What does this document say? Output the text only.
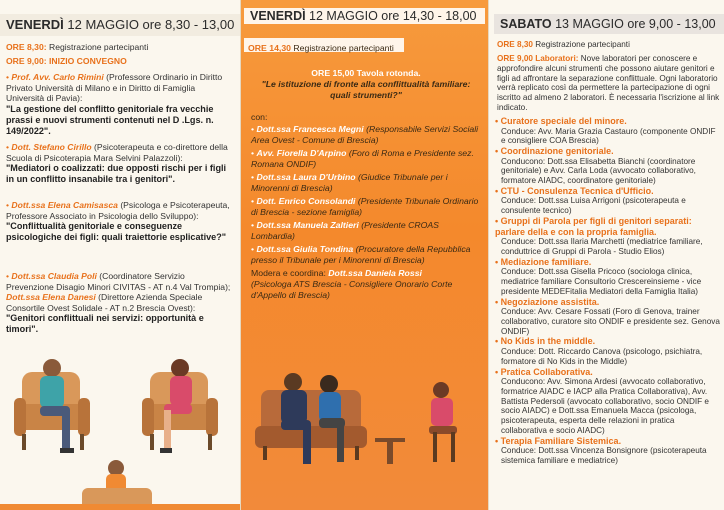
VENERDÌ 12 MAGGIO ore 8,30 - 13,00
ORE 8,30: Registrazione partecipanti
ORE 9,00: INIZIO CONVEGNO

• Prof. Avv. Carlo Rimini (Professore Ordinario in Diritto Privato Università di Milano e in Diritto di Famiglia Università di Pavia):

"La gestione del conflitto genitoriale fra vecchie prassi e nuovi strumenti contenuti nel D .Lgs. n. 149/2022".

• Dott. Stefano Cirillo (Psicoterapeuta e co-direttore della Scuola di Psicoterapia Mara Selvini Palazzoli):

"Mediatori o coalizzati: due opposti rischi per i figli in un conflitto insanabile tra i genitori".

• Dott.ssa Elena Camisasca (Psicologa e Psicoterapeuta, Professore Associato in Psicologia dello Sviluppo):

"Conflittualità genitoriale e conseguenze psicologiche dei figli: quali traiettorie esplicative?"

• Dott.ssa Claudia Poli (Coordinatore Servizio Prevenzione Disagio Minori CIVITAS - AT n.4 Val Trompia); Dott.ssa Elena Danesi (Direttore Azienda Speciale Consortile Ovest Solidale - AT n.2 Brescia Ovest):

"Genitori conflittuali nei servizi: opportunità e timori".

VENERDÌ 12 MAGGIO ore 14,30 - 18,00
ORE 14,30 Registrazione partecipanti

ORE 15,00 Tavola rotonda.

"Le istituzione di fronte alla conflittualità familiare: quali strumenti?"

con:

• Dott.ssa Francesca Megni (Responsabile Servizi Sociali Area Ovest - Comune di Brescia)

• Avv. Fiorella D'Arpino (Foro di Roma e Presidente sez. Romana ONDIF)

• Dott.ssa Laura D'Urbino (Giudice Tribunale per i Minorenni di Brescia)

• Dott. Enrico Consolandi (Presidente Tribunale Ordinario di Brescia - sezione famiglia)

• Dott.ssa Manuela Zaltieri (Presidente CROAS Lombardia)

• Dott.ssa Giulia Tondina (Procuratore della Repubblica presso il Tribunale per i Minorenni di Brescia)

Modera e coordina: Dott.ssa Daniela Rossi

(Psicologa ATS Brescia - Consigliere Onorario Corte d'Appello di Brescia)

SABATO 13 MAGGIO ore 9,00 - 13,00
ORE 8,30 Registrazione partecipanti
ORE 9,00 Laboratori: Nove laboratori per conoscere e approfondire alcuni strumenti che possono aiutare genitori e figli ad affrontare la separazione conflittuale. Ogni laboratorio verrà replicato così da permettere la partecipazione di ogni iscritto ad almeno 2 laboratori. È necessaria l'iscrizione al link indicato.

• Curatore speciale del minore.

Conduce: Avv. Maria Grazia Castauro (componente ONDIF e consigliere COA Brescia)

• Coordinazione genitoriale.

Conducono: Dott.ssa Elisabetta Bianchi (coordinatore genitoriale) e Avv. Carla Loda (avvocato collaborativo, formatore AIADC, coordinatore genitoriale)

• CTU - Consulenza Tecnica d'Ufficio.

Conduce: Dott.ssa Luisa Arrigoni (psicoterapeuta e consulente tecnico)

• Gruppi di Parola per figli di genitori separati: parlare della e con la propria famiglia.

Conduce: Dott.ssa Ilaria Marchetti (mediatrice familiare, conduttrice di Gruppi di Parola - Studio Elios)

• Mediazione familiare.

Conduce: Dott.ssa Gisella Pricoco (sociologa clinica, mediatrice familiare Consultorio Crescereinsieme - vice presidente MEDEFitalia Mediatori della Famiglia Italia)

• Negoziazione assistita.

Conduce: Avv. Cesare Fossati (Foro di Genova, trainer collaborativo, curatore sito ONDIF e presidente sez. Genova ONDIF)

• No Kids in the middle.

Conduce: Dott. Riccardo Canova (psicologo, psichiatra, formatore di No Kids in the Middle)

• Pratica Collaborativa.

Conducono: Avv. Simona Ardesi (avvocato collaborativo, formatrice AIADC e IACP alla Pratica Collaborativa), Avv. Battista Pedersoli (avvocato collaborativo, socio ONDIF e socio AIADC) e Dott.ssa Emanuela Macca (psicologa, psicoterapeuta, esperta delle relazioni in pratica collaborativa e socio AIADC)

• Terapia Familiare Sistemica.

Conduce: Dott.ssa Vincenza Bonsignore (psicoterapeuta sistemica familiare e mediatrice)
